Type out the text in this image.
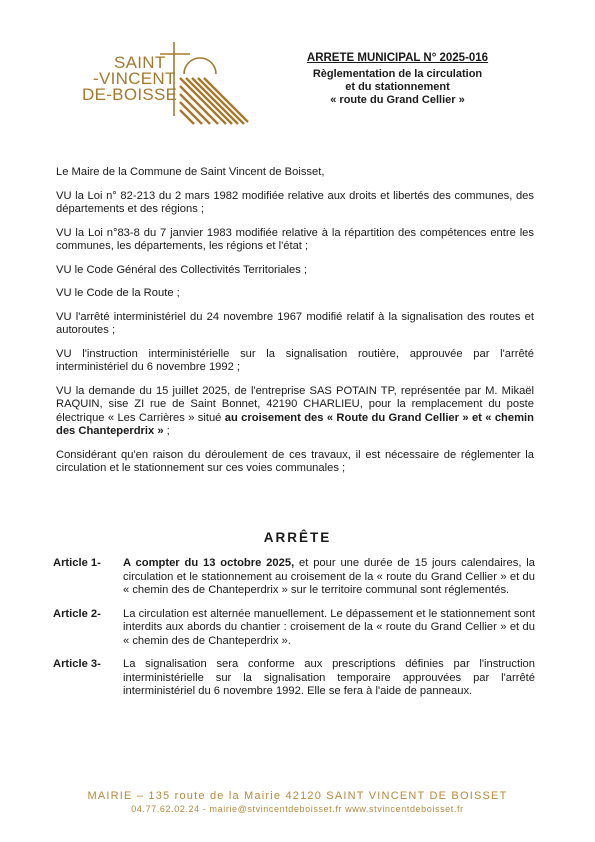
SAINT
-VINCENT
DE-BOISSE

ARRETE MUNICIPAL N° 2025-016

Règlementation de la circulation

et du stationnement

« route du Grand Cellier »

Le Maire de la Commune de Saint Vincent de Boisset,

VU la Loi n° 82-213 du 2 mars 1982 modifiée relative aux droits et libertés des communes, des départements et des régions ;

VU la Loi n°83-8 du 7 janvier 1983 modifiée relative à la répartition des compétences entre les communes, les départements, les régions et l'état ;

VU le Code Général des Collectivités Territoriales ;

VU le Code de la Route ;

VU l'arrêté interministériel du 24 novembre 1967 modifié relatif à la signalisation des routes et autoroutes ;

VU l'instruction interministérielle sur la signalisation routière, approuvée par l'arrêté interministériel du 6 novembre 1992 ;

VU la demande du 15 juillet 2025, de l'entreprise SAS POTAIN TP, représentée par M. Mikaël RAQUIN, sise ZI rue de Saint Bonnet, 42190 CHARLIEU, pour la remplacement du poste électrique « Les Carrières » situé au croisement des « Route du Grand Cellier » et « chemin des Chanteperdrix » ;

Considérant qu'en raison du déroulement de ces travaux, il est nécessaire de réglementer la circulation et le stationnement sur ces voies communales ;

ARRÊTE
Article 1-	A compter du 13 octobre 2025, et pour une durée de 15 jours calendaires, la circulation et le stationnement au croisement de la « route du Grand Cellier » et du « chemin des de Chanteperdrix » sur le territoire communal sont réglementés.
Article 2-	La circulation est alternée manuellement. Le dépassement et le stationnement sont interdits aux abords du chantier : croisement de la « route du Grand Cellier » et du « chemin des de Chanteperdrix ».
Article 3-	La signalisation sera conforme aux prescriptions définies par l'instruction interministérielle sur la signalisation temporaire approuvées par l'arrêté interministériel du 6 novembre 1992. Elle se fera à l'aide de panneaux.
MAIRIE – 135 route de la Mairie 42120 SAINT VINCENT DE BOISSET
04.77.62.02.24 - mairie@stvincentdeboisset.fr www.stvincentdeboisset.fr
